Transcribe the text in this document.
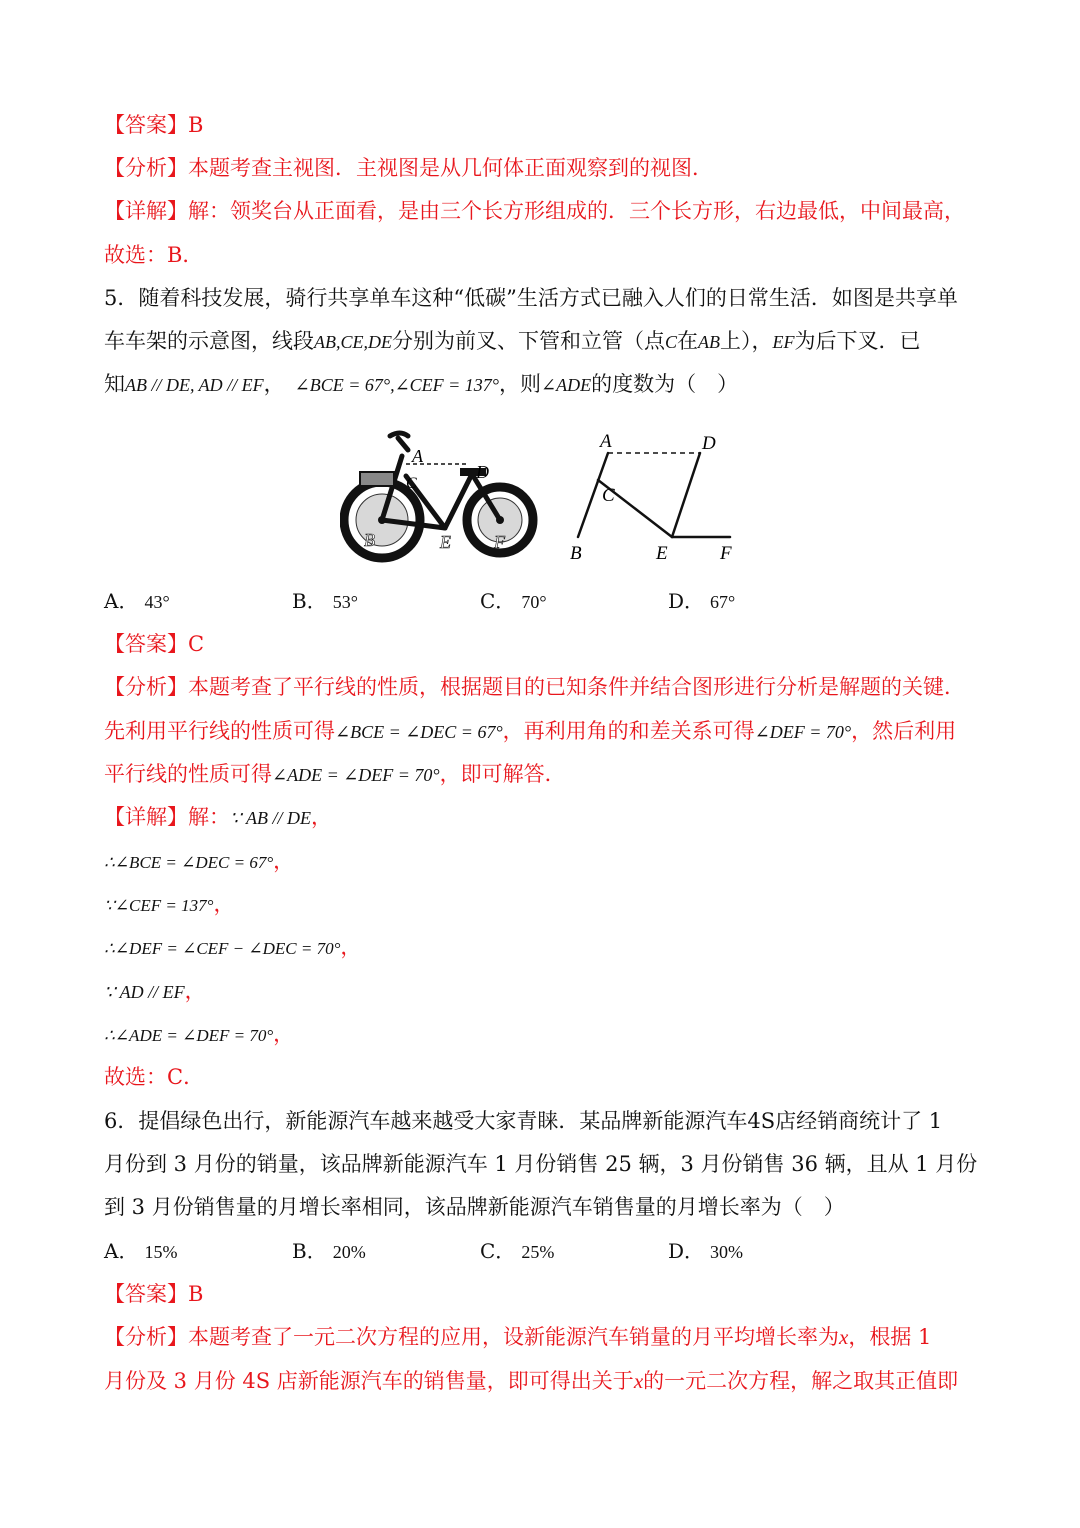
【答案】B
【分析】本题考查主视图．主视图是从几何体正面观察到的视图．
【详解】解：领奖台从正面看，是由三个长方形组成的．三个长方形，右边最低，中间最高，
故选：B．
5．随着科技发展，骑行共享单车这种“低碳”生活方式已融入人们的日常生活．如图是共享单
车车架的示意图，线段AB,CE,DE分别为前叉、下管和立管（点C在AB上），EF为后下叉．已
知AB // DE, AD // EF， ∠BCE = 67°,∠CEF = 137°，则∠ADE的度数为（　）
A
D
C
B	E F
A	D
C
B	E	F
A． 43°	B． 53°	C． 70°	D． 67°
【答案】C
【分析】本题考查了平行线的性质，根据题目的已知条件并结合图形进行分析是解题的关键．
先利用平行线的性质可得∠BCE = ∠DEC = 67°，再利用角的和差关系可得∠DEF = 70°，然后利用
平行线的性质可得∠ADE = ∠DEF = 70°，即可解答．
【详解】解：∵ AB // DE，
∴∠BCE = ∠DEC = 67°，
∵∠CEF = 137°，
∴∠DEF = ∠CEF − ∠DEC = 70°，
∵ AD // EF，
∴∠ADE = ∠DEF = 70°，
故选：C．
6．提倡绿色出行，新能源汽车越来越受大家青睐．某品牌新能源汽车4S店经销商统计了 1
月份到 3 月份的销量，该品牌新能源汽车 1 月份销售 25 辆，3 月份销售 36 辆，且从 1 月份
到 3 月份销售量的月增长率相同，该品牌新能源汽车销售量的月增长率为（　）
A． 15%	B． 20%	C． 25%	D． 30%
【答案】B
【分析】本题考查了一元二次方程的应用，设新能源汽车销量的月平均增长率为x，根据 1
月份及 3 月份 4S 店新能源汽车的销售量，即可得出关于x的一元二次方程，解之取其正值即
